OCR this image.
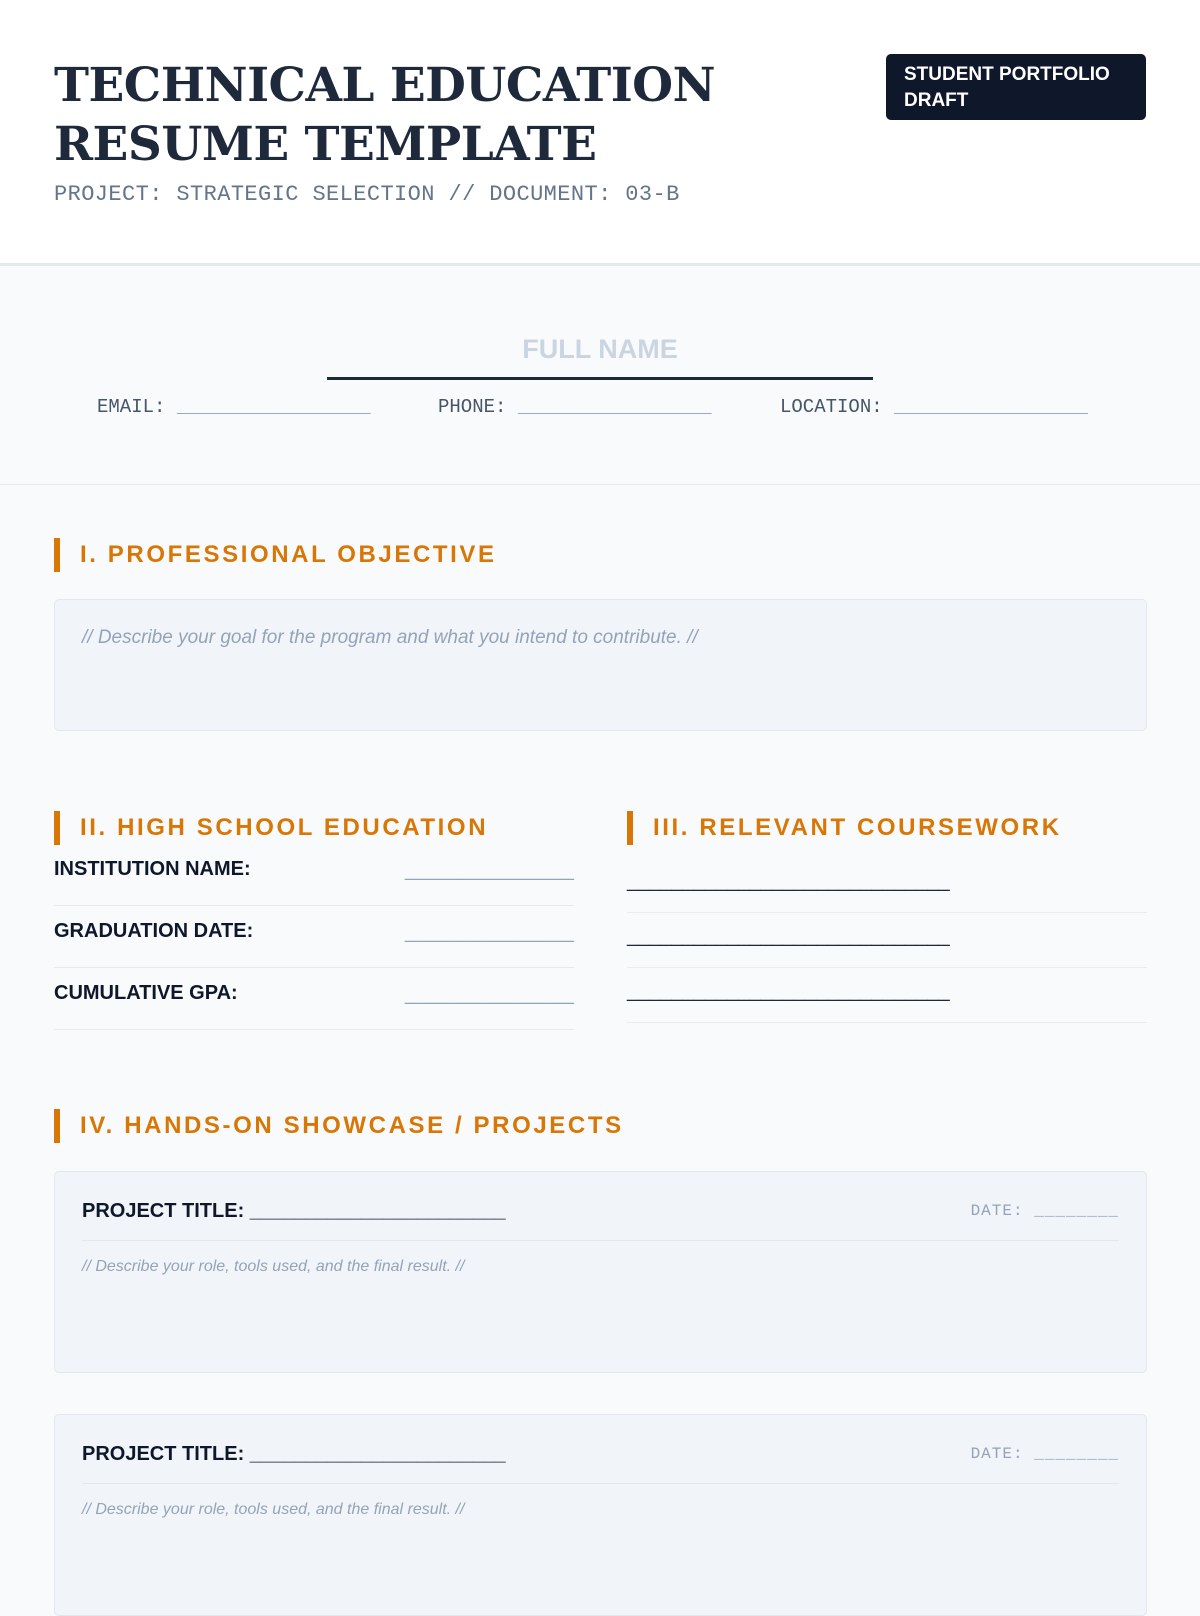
TECHNICAL EDUCATION RESUME TEMPLATE
PROJECT: STRATEGIC SELECTION // DOCUMENT: 03-B
STUDENT PORTFOLIO DRAFT
FULL NAME
EMAIL: _________________	PHONE: _________________	LOCATION: _________________
I. PROFESSIONAL OBJECTIVE
// Describe your goal for the program and what you intend to contribute. //
II. HIGH SCHOOL EDUCATION
INSTITUTION NAME:	________________
GRADUATION DATE:	________________
CUMULATIVE GPA:	________________
III. RELEVANT COURSEWORK
_____________________________
_____________________________
_____________________________
IV. HANDS-ON SHOWCASE / PROJECTS
PROJECT TITLE: _______________________	DATE: ________
// Describe your role, tools used, and the final result. //
PROJECT TITLE: _______________________	DATE: ________
// Describe your role, tools used, and the final result. //
